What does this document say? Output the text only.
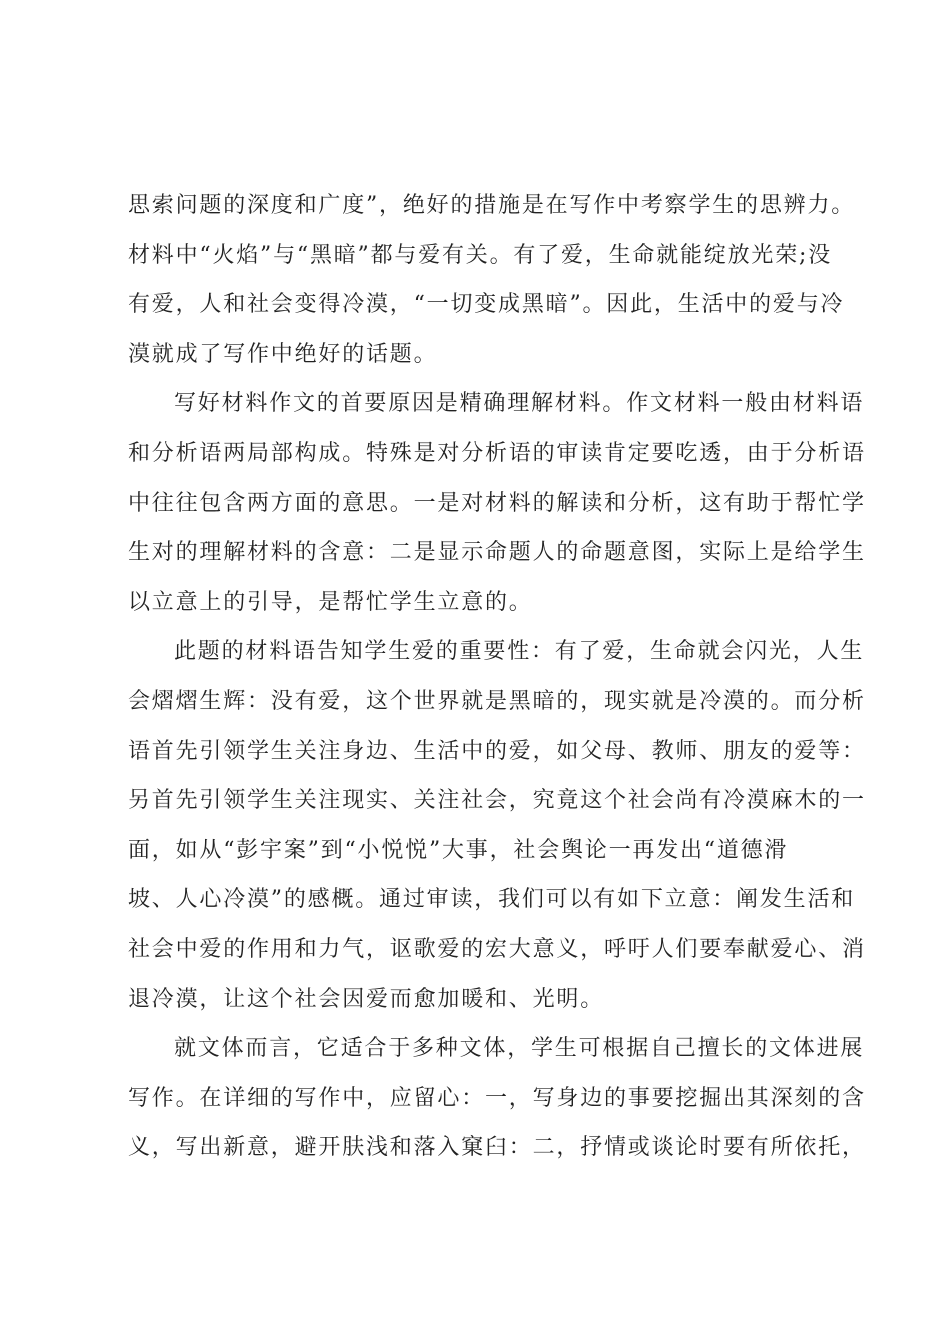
思索问题的深度和广度”，绝好的措施是在写作中考察学生的思辨力。
材料中“火焰”与“黑暗”都与爱有关。有了爱，生命就能绽放光荣;没
有爱，人和社会变得冷漠，“一切变成黑暗”。因此，生活中的爱与冷
漠就成了写作中绝好的话题。
写好材料作文的首要原因是精确理解材料。作文材料一般由材料语
和分析语两局部构成。特殊是对分析语的审读肯定要吃透，由于分析语
中往往包含两方面的意思。一是对材料的解读和分析，这有助于帮忙学
生对的理解材料的含意：二是显示命题人的命题意图，实际上是给学生
以立意上的引导，是帮忙学生立意的。
此题的材料语告知学生爱的重要性：有了爱，生命就会闪光，人生
会熠熠生辉：没有爱，这个世界就是黑暗的，现实就是冷漠的。而分析
语首先引领学生关注身边、生活中的爱，如父母、教师、朋友的爱等：
另首先引领学生关注现实、关注社会，究竟这个社会尚有冷漠麻木的一
面，如从“彭宇案”到“小悦悦”大事，社会舆论一再发出“道德滑
坡、人心冷漠”的感概。通过审读，我们可以有如下立意：阐发生活和
社会中爱的作用和力气，讴歌爱的宏大意义，呼吁人们要奉献爱心、消
退冷漠，让这个社会因爱而愈加暖和、光明。
就文体而言，它适合于多种文体，学生可根据自己擅长的文体进展
写作。在详细的写作中，应留心：一，写身边的事要挖掘出其深刻的含
义，写出新意，避开肤浅和落入窠臼：二，抒情或谈论时要有所依托，
